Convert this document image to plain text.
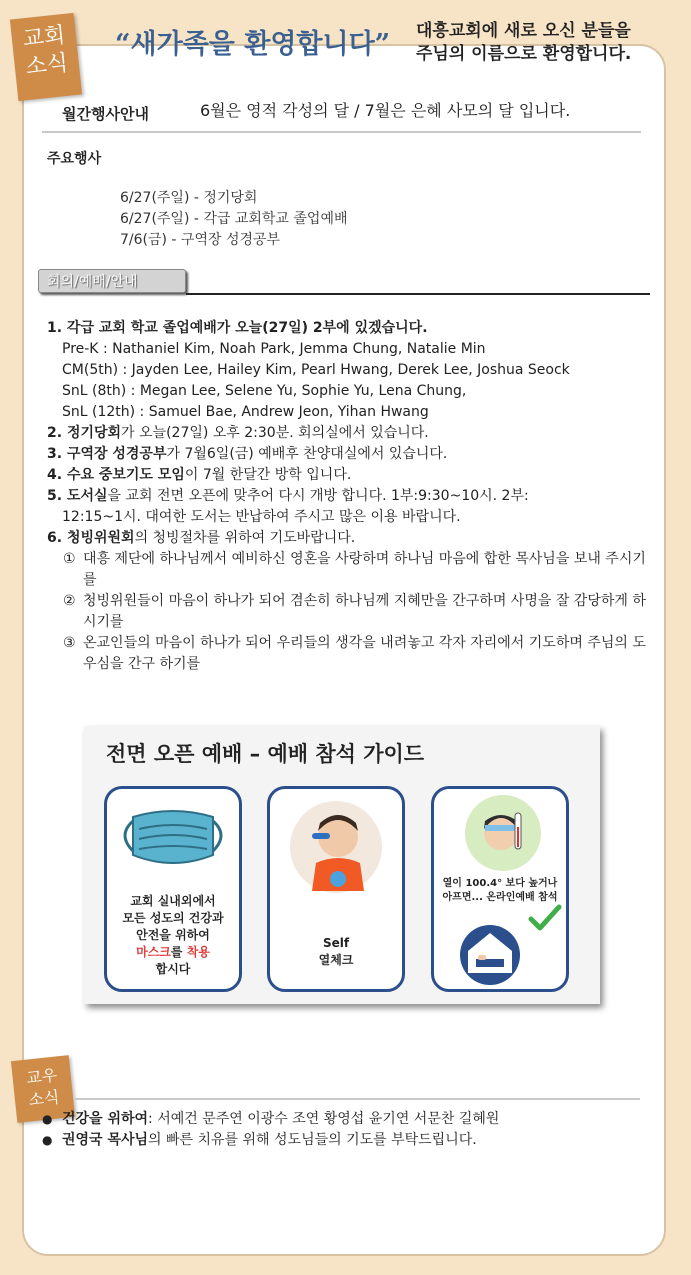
교회
소식
“새가족을 환영합니다” 대흥교회에 새로 오신 분들을
주님의 이름으로 환영합니다.
월간행사안내	6월은 영적 각성의 달 / 7월은 은혜 사모의 달 입니다.
주요행사
6/27(주일) - 정기당회
6/27(주일) - 각급 교회학교 졸업예배
7/6(금) - 구역장 성경공부
회의/예배/안내

1. 각급 교회 학교 졸업예배가 오늘(27일) 2부에 있겠습니다.

Pre-K : Nathaniel Kim, Noah Park, Jemma Chung, Natalie Min

CM(5th) : Jayden Lee, Hailey Kim, Pearl Hwang, Derek Lee, Joshua Seock

SnL (8th) : Megan Lee, Selene Yu, Sophie Yu, Lena Chung,

SnL (12th) : Samuel Bae, Andrew Jeon, Yihan Hwang

2. 정기당회가 오늘(27일) 오후 2:30분. 회의실에서 있습니다.

3. 구역장 성경공부가 7월6일(금) 예배후 찬양대실에서 있습니다.

4. 수요 중보기도 모임이 7월 한달간 방학 입니다.

5. 도서실을 교회 전면 오픈에 맞추어 다시 개방 합니다. 1부:9:30~10시. 2부:

12:15~1시. 대여한 도서는 반납하여 주시고 많은 이용 바랍니다.

6. 청빙위원회의 청빙절차를 위하여 기도바랍니다.

① 대흥 제단에 하나님께서 예비하신 영혼을 사랑하며 하나님 마음에 합한 목사님을 보내 주시기를

② 청빙위원들이 마음이 하나가 되어 겸손히 하나님께 지혜만을 간구하며 사명을 잘 감당하게 하시기를

③ 온교인들의 마음이 하나가 되어 우리들의 생각을 내려놓고 각자 자리에서 기도하며 주님의 도우심을 간구 하기를

전면 오픈 예배 – 예배 참석 가이드
교회 실내외에서
모든 성도의 건강과
안전을 위하여
마스크를 착용
합시다
Self
열체크
열이 100.4° 보다 높거나
아프면... 온라인예배 참석
교우
소식

● 건강을 위하여: 서예건 문주연 이광수 조연 황영섭 윤기연 서문찬 길혜원

● 권영국 목사님의 빠른 치유를 위해 성도님들의 기도를 부탁드립니다.
